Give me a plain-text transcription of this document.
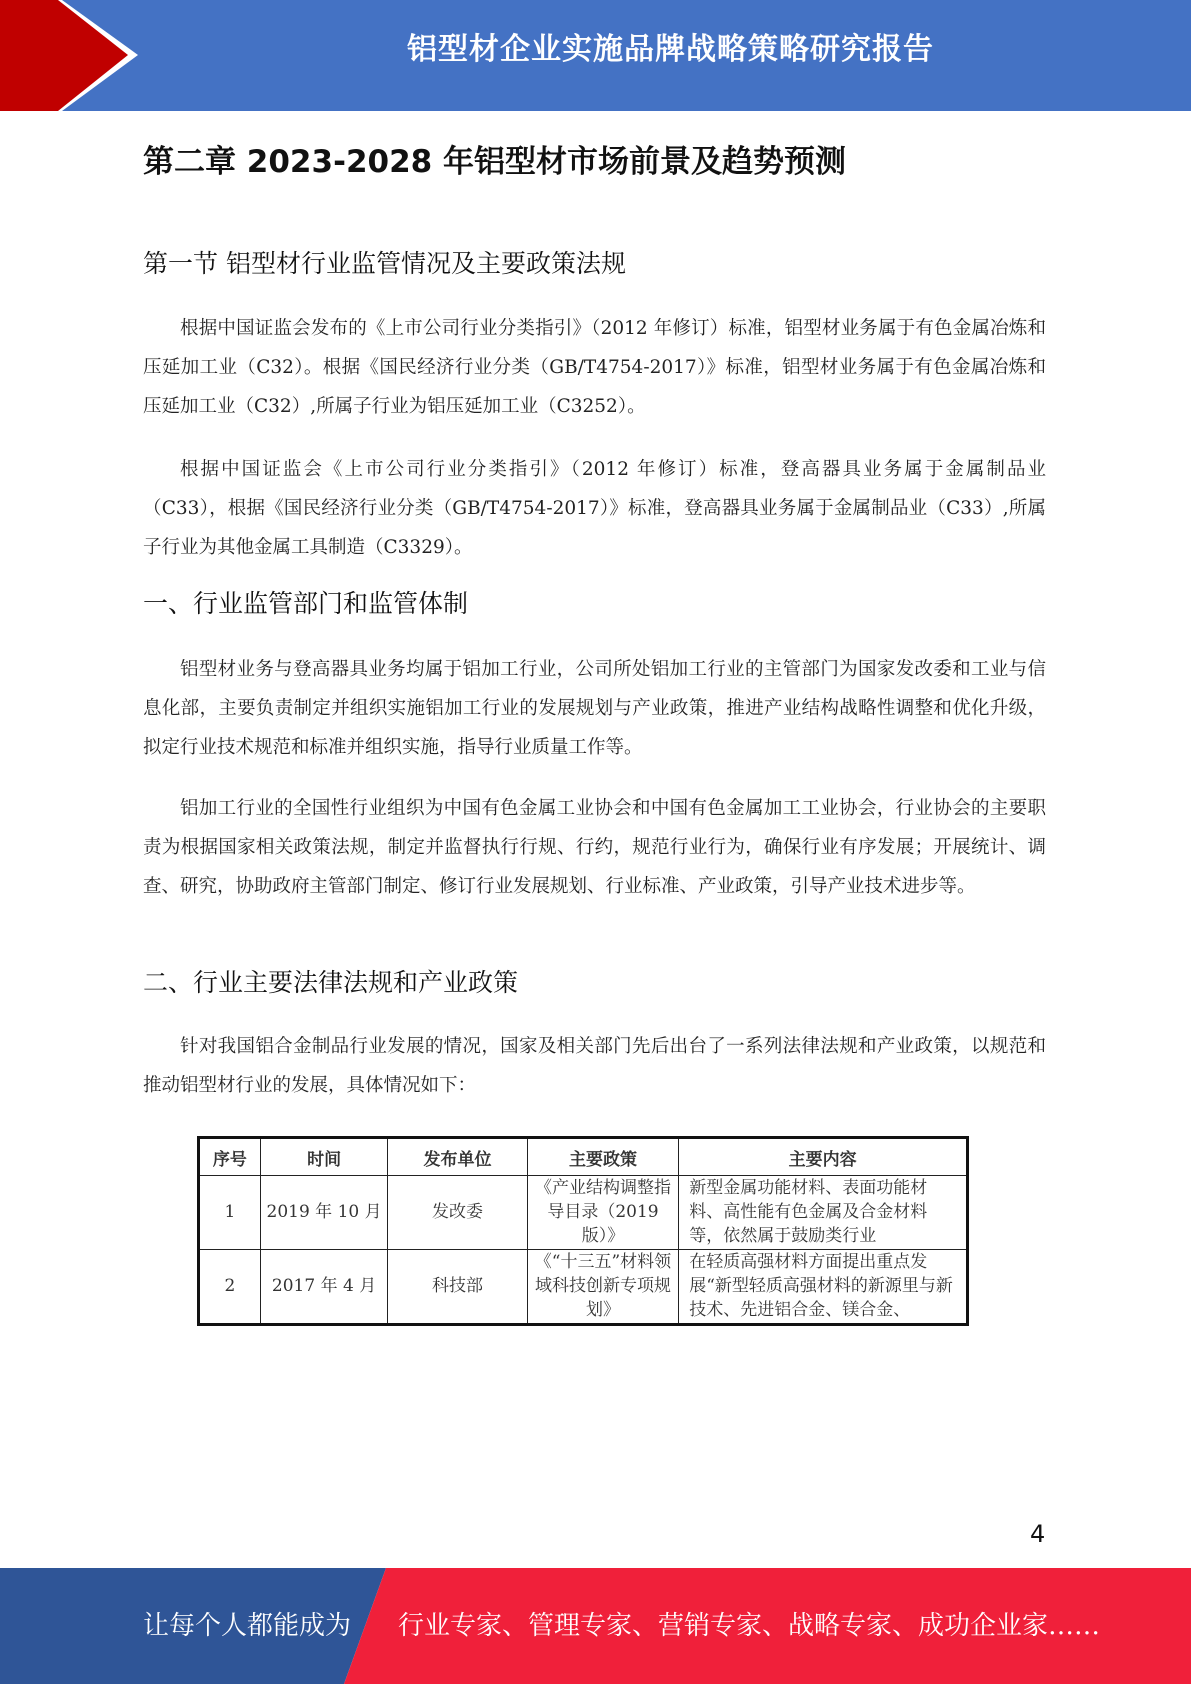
铝型材企业实施品牌战略策略研究报告
第二章 2023-2028 年铝型材市场前景及趋势预测
第一节 铝型材行业监管情况及主要政策法规

根据中国证监会发布的《上市公司行业分类指引》（2012 年修订）标准，铝型材业务属于有色金属冶炼和压延加工业（C32）。根据《国民经济行业分类（GB/T4754-2017）》标准，铝型材业务属于有色金属冶炼和压延加工业（C32）,所属子行业为铝压延加工业（C3252）。

根据中国证监会《上市公司行业分类指引》（2012 年修订）标准，登高器具业务属于金属制品业（C33），根据《国民经济行业分类（GB/T4754-2017）》标准，登高器具业务属于金属制品业（C33）,所属子行业为其他金属工具制造（C3329）。

一、行业监管部门和监管体制

铝型材业务与登高器具业务均属于铝加工行业，公司所处铝加工行业的主管部门为国家发改委和工业与信息化部，主要负责制定并组织实施铝加工行业的发展规划与产业政策，推进产业结构战略性调整和优化升级，拟定行业技术规范和标准并组织实施，指导行业质量工作等。

铝加工行业的全国性行业组织为中国有色金属工业协会和中国有色金属加工工业协会，行业协会的主要职责为根据国家相关政策法规，制定并监督执行行规、行约，规范行业行为，确保行业有序发展；开展统计、调查、研究，协助政府主管部门制定、修订行业发展规划、行业标准、产业政策，引导产业技术进步等。

二、行业主要法律法规和产业政策

针对我国铝合金制品行业发展的情况，国家及相关部门先后出台了一系列法律法规和产业政策，以规范和推动铝型材行业的发展，具体情况如下：

序号	时间	发布单位	主要政策	主要内容
1	2019 年 10 月	发改委	《产业结构调整指导目录（2019 版）》	新型金属功能材料、表面功能材料、高性能有色金属及合金材料等，依然属于鼓励类行业
2	2017 年 4 月	科技部	《“十三五”材料领域科技创新专项规划》	在轻质高强材料方面提出重点发展“新型轻质高强材料的新源里与新技术、先进铝合金、镁合金、
4
让每个人都能成为 行业专家、管理专家、营销专家、战略专家、成功企业家……
